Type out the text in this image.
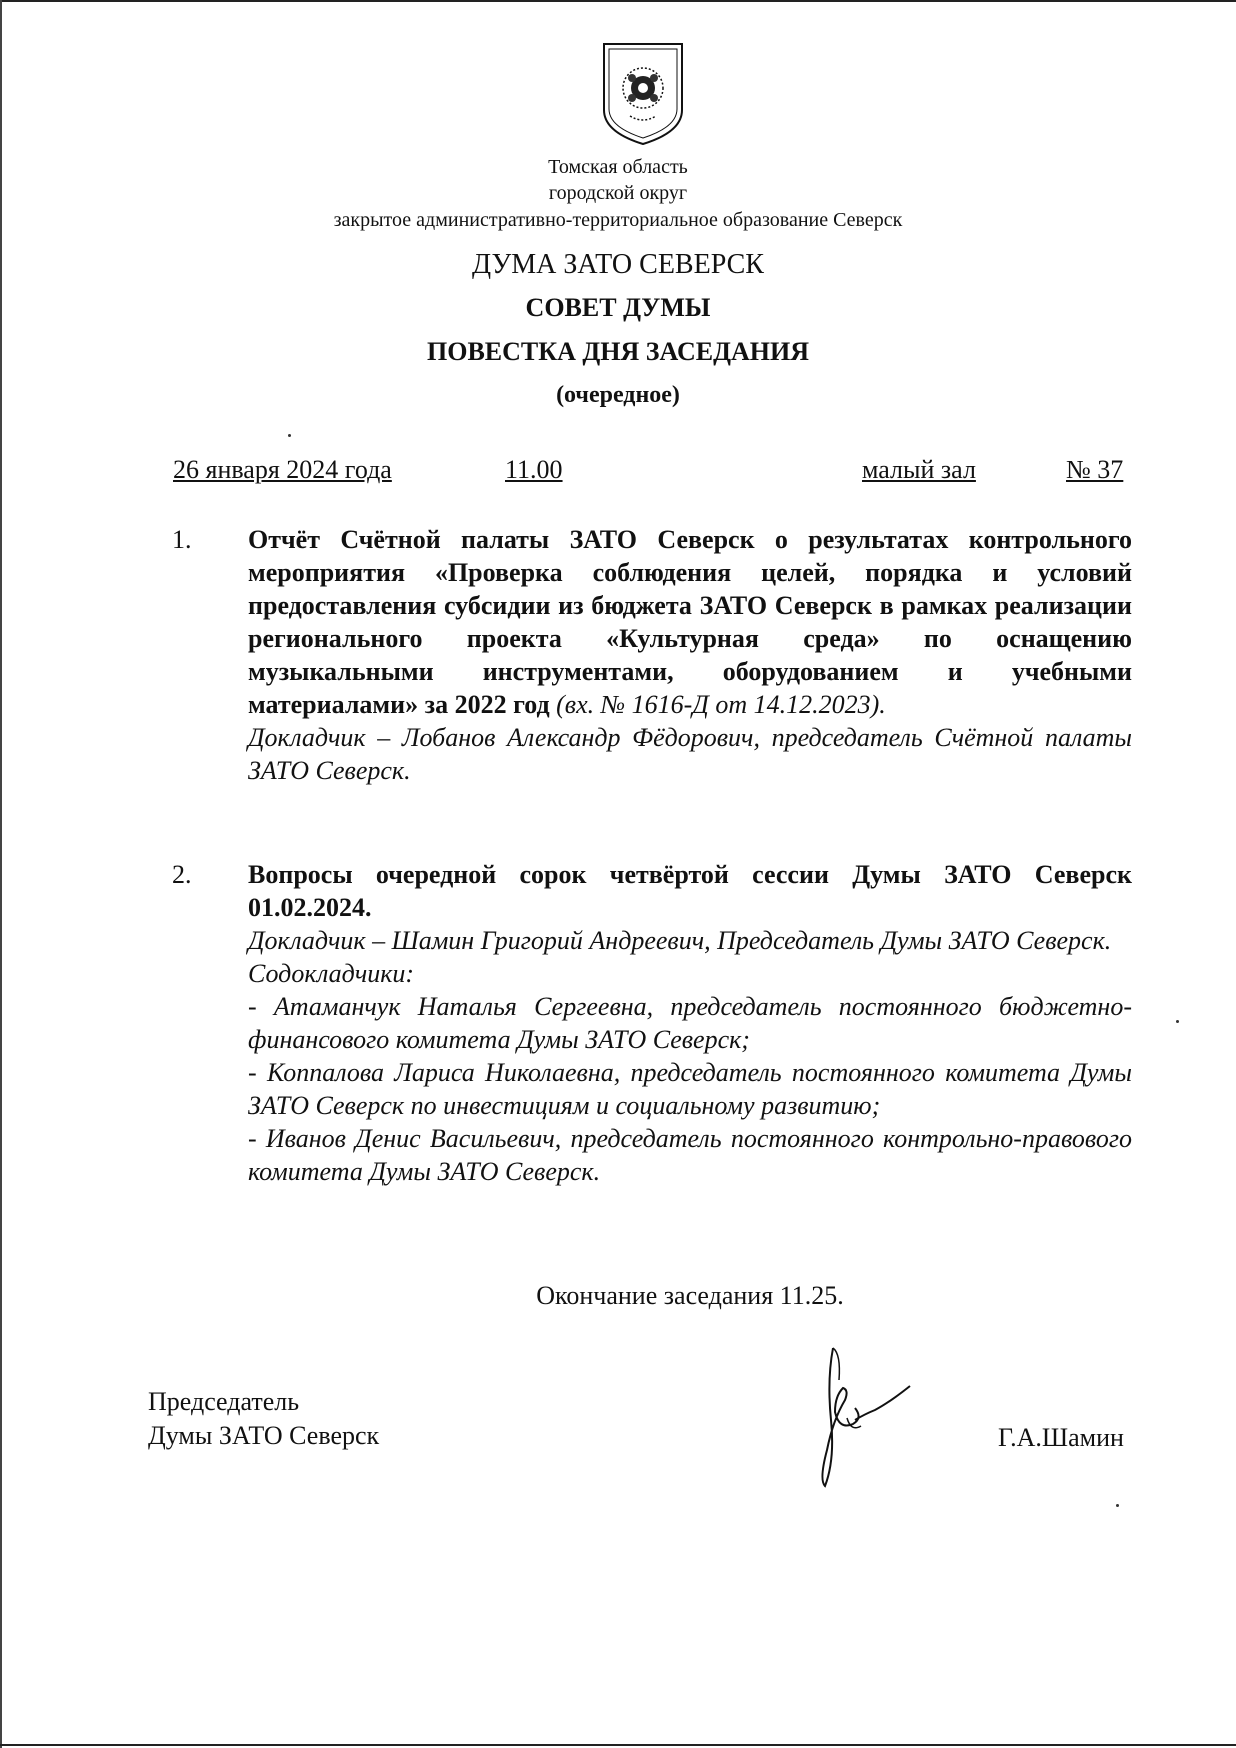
Томская область
городской округ
закрытое административно-территориальное образование Северск
ДУМА ЗАТО СЕВЕРСК
СОВЕТ ДУМЫ
ПОВЕСТКА ДНЯ ЗАСЕДАНИЯ
(очередное)
26 января 2024 года	11.00	малый зал	№ 37
1. Отчёт Счётной палаты ЗАТО Северск о результатах контрольного мероприятия «Проверка соблюдения целей, порядка и условий предоставления субсидии из бюджета ЗАТО Северск в рамках реализации регионального проекта «Культурная среда» по оснащению музыкальными инструментами, оборудованием и учебными материалами» за 2022 год (вх. № 1616-Д от 14.12.2023).

Докладчик – Лобанов Александр Фёдорович, председатель Счётной палаты ЗАТО Северск.

2. Вопросы очередной сорок четвёртой сессии Думы ЗАТО Северск 01.02.2024.

Докладчик – Шамин Григорий Андреевич, Председатель Думы ЗАТО Северск.

Содокладчики:

- Атаманчук Наталья Сергеевна, председатель постоянного бюджетно-финансового комитета Думы ЗАТО Северск;

- Коппалова Лариса Николаевна, председатель постоянного комитета Думы ЗАТО Северск по инвестициям и социальному развитию;

- Иванов Денис Васильевич, председатель постоянного контрольно-правового комитета Думы ЗАТО Северск.

Окончание заседания 11.25.
Председатель
Думы ЗАТО Северск	Г.А.Шамин
